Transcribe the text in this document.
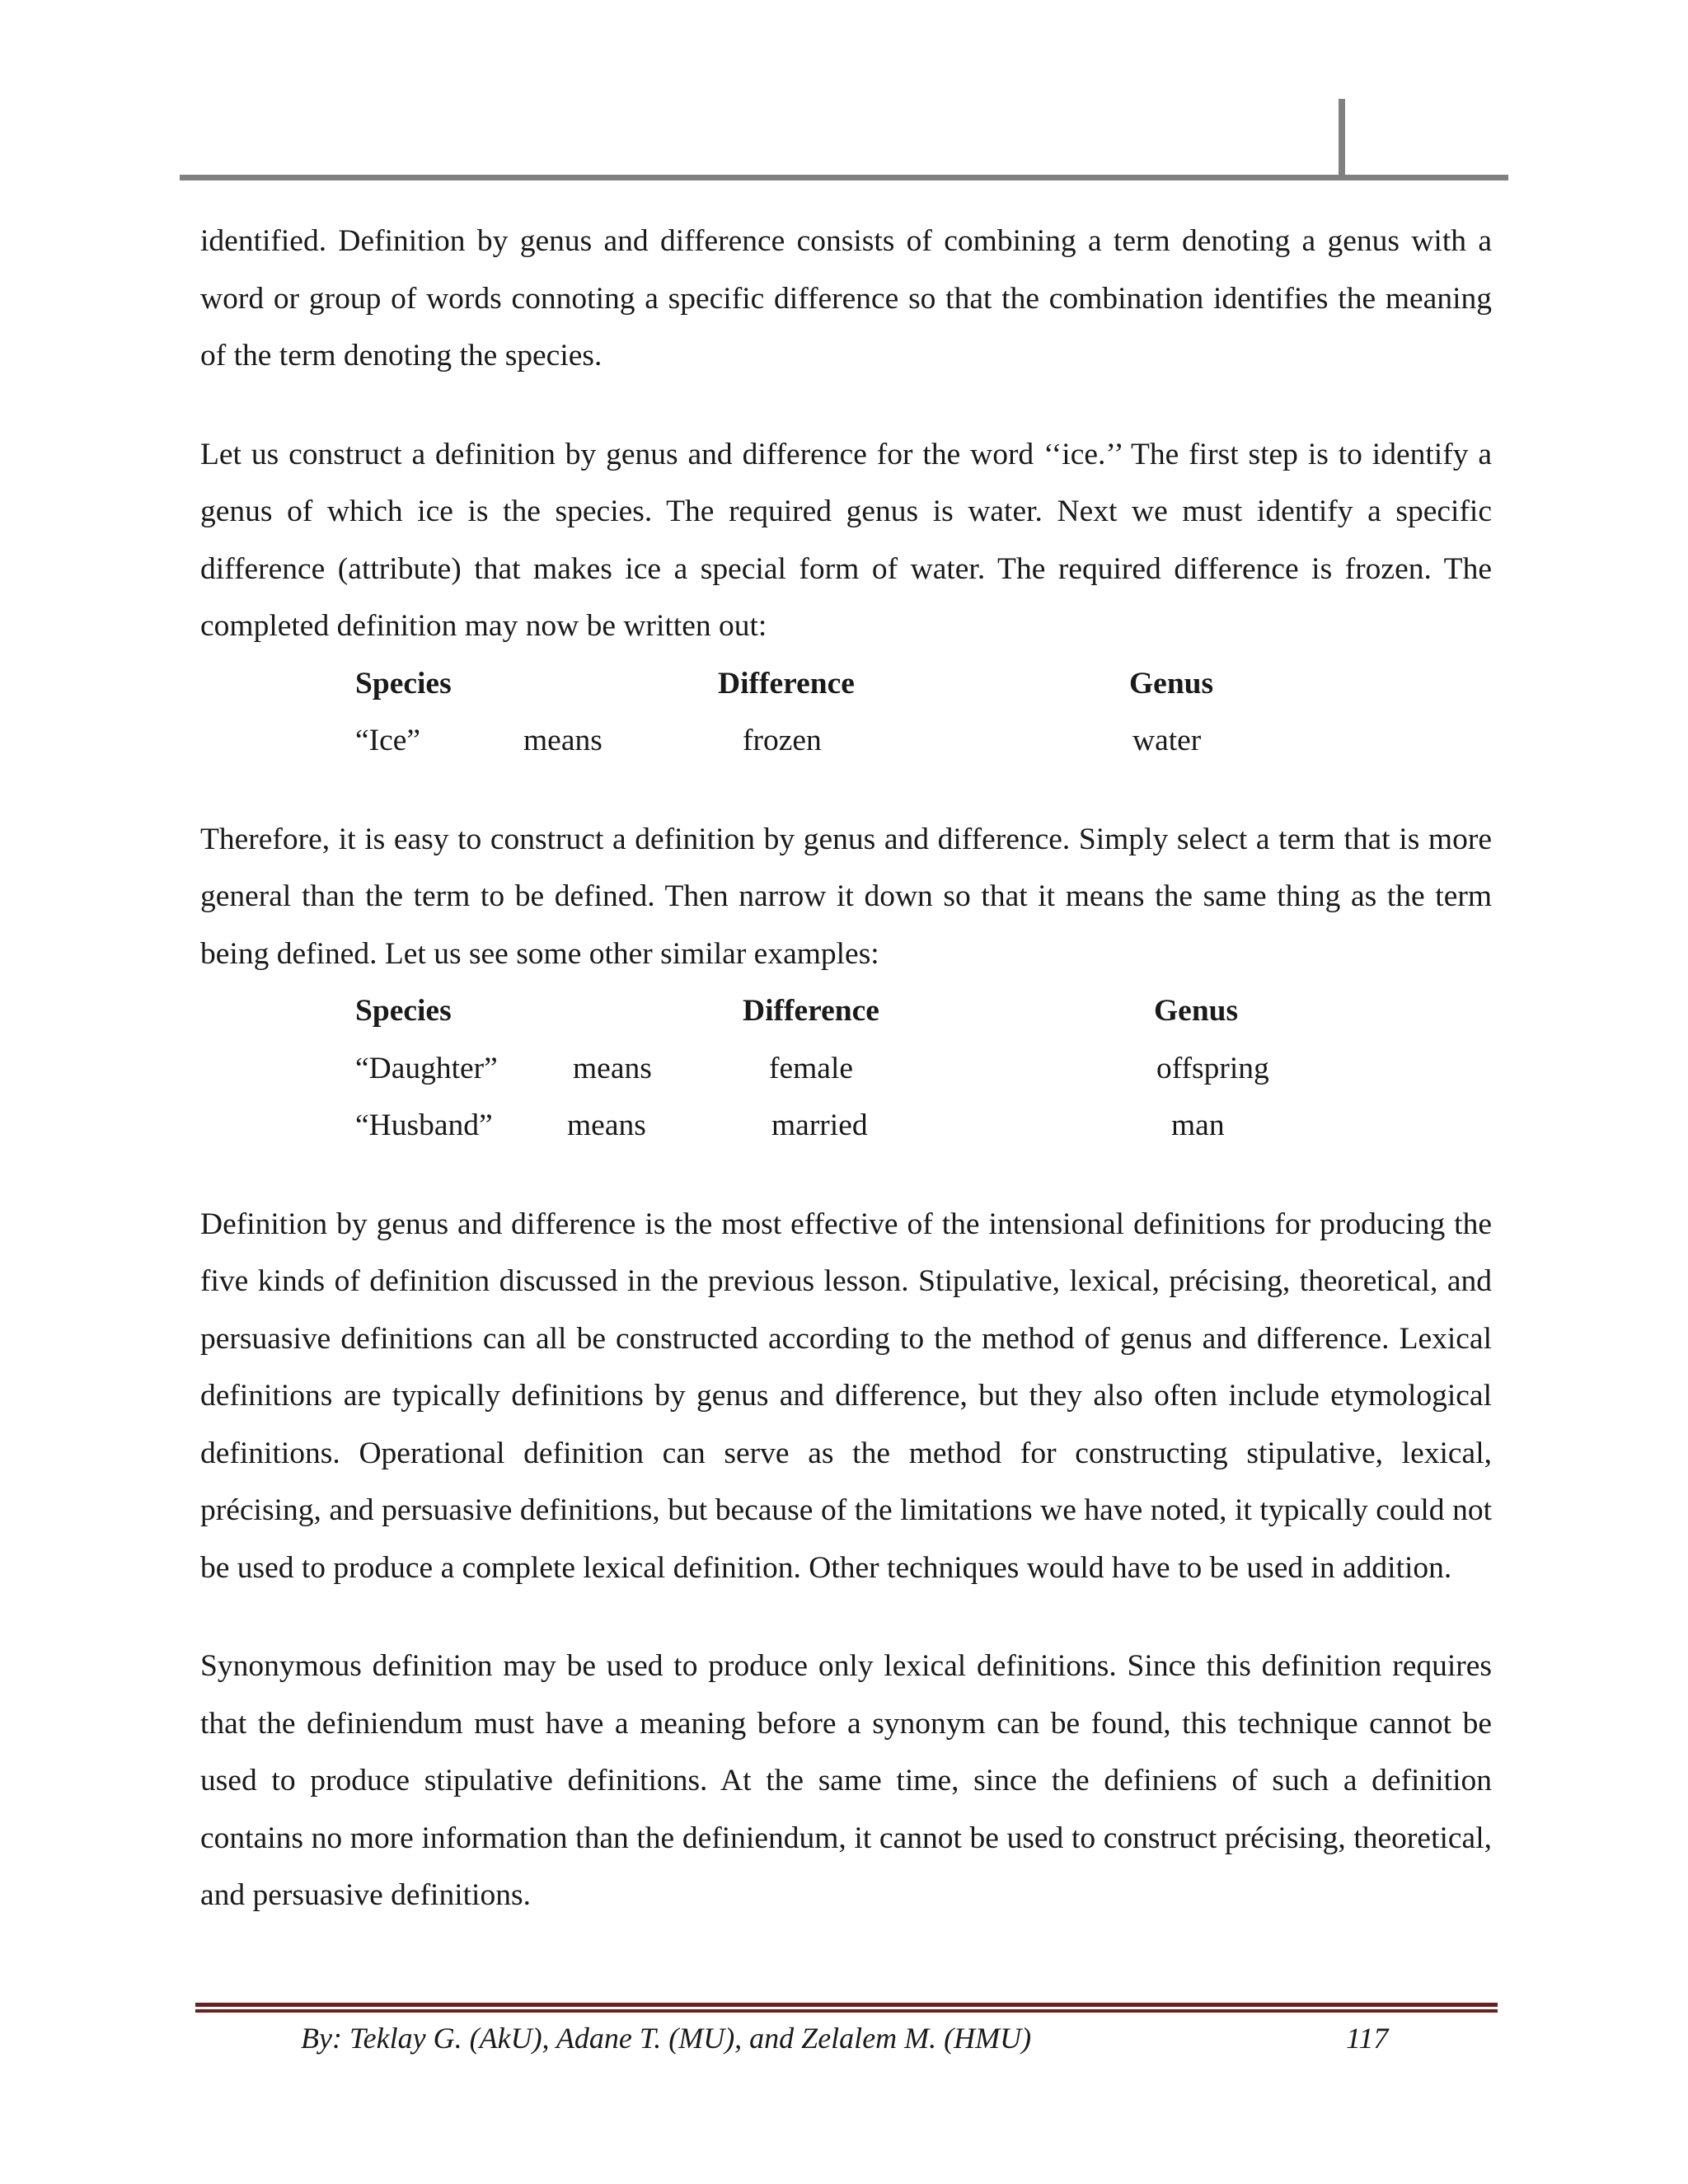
identified. Definition by genus and difference consists of combining a term denoting a genus with a word or group of words connoting a specific difference so that the combination identifies the meaning of the term denoting the species.

Let us construct a definition by genus and difference for the word ‘‘ice.’’ The first step is to identify a genus of which ice is the species. The required genus is water. Next we must identify a specific difference (attribute) that makes ice a special form of water. The required difference is frozen. The completed definition may now be written out:

Species	Difference	Genus
“Ice”	means	frozen	water

Therefore, it is easy to construct a definition by genus and difference. Simply select a term that is more general than the term to be defined. Then narrow it down so that it means the same thing as the term being defined. Let us see some other similar examples:

Species	Difference	Genus
“Daughter” means	female	offspring
“Husband” means	married	man

Definition by genus and difference is the most effective of the intensional definitions for producing the five kinds of definition discussed in the previous lesson. Stipulative, lexical, précising, theoretical, and persuasive definitions can all be constructed according to the method of genus and difference. Lexical definitions are typically definitions by genus and difference, but they also often include etymological definitions. Operational definition can serve as the method for constructing stipulative, lexical, précising, and persuasive definitions, but because of the limitations we have noted, it typically could not be used to produce a complete lexical definition. Other techniques would have to be used in addition.

Synonymous definition may be used to produce only lexical definitions. Since this definition requires that the definiendum must have a meaning before a synonym can be found, this technique cannot be used to produce stipulative definitions. At the same time, since the definiens of such a definition contains no more information than the definiendum, it cannot be used to construct précising, theoretical, and persuasive definitions.

By: Teklay G. (AkU), Adane T. (MU), and Zelalem M. (HMU)	117
